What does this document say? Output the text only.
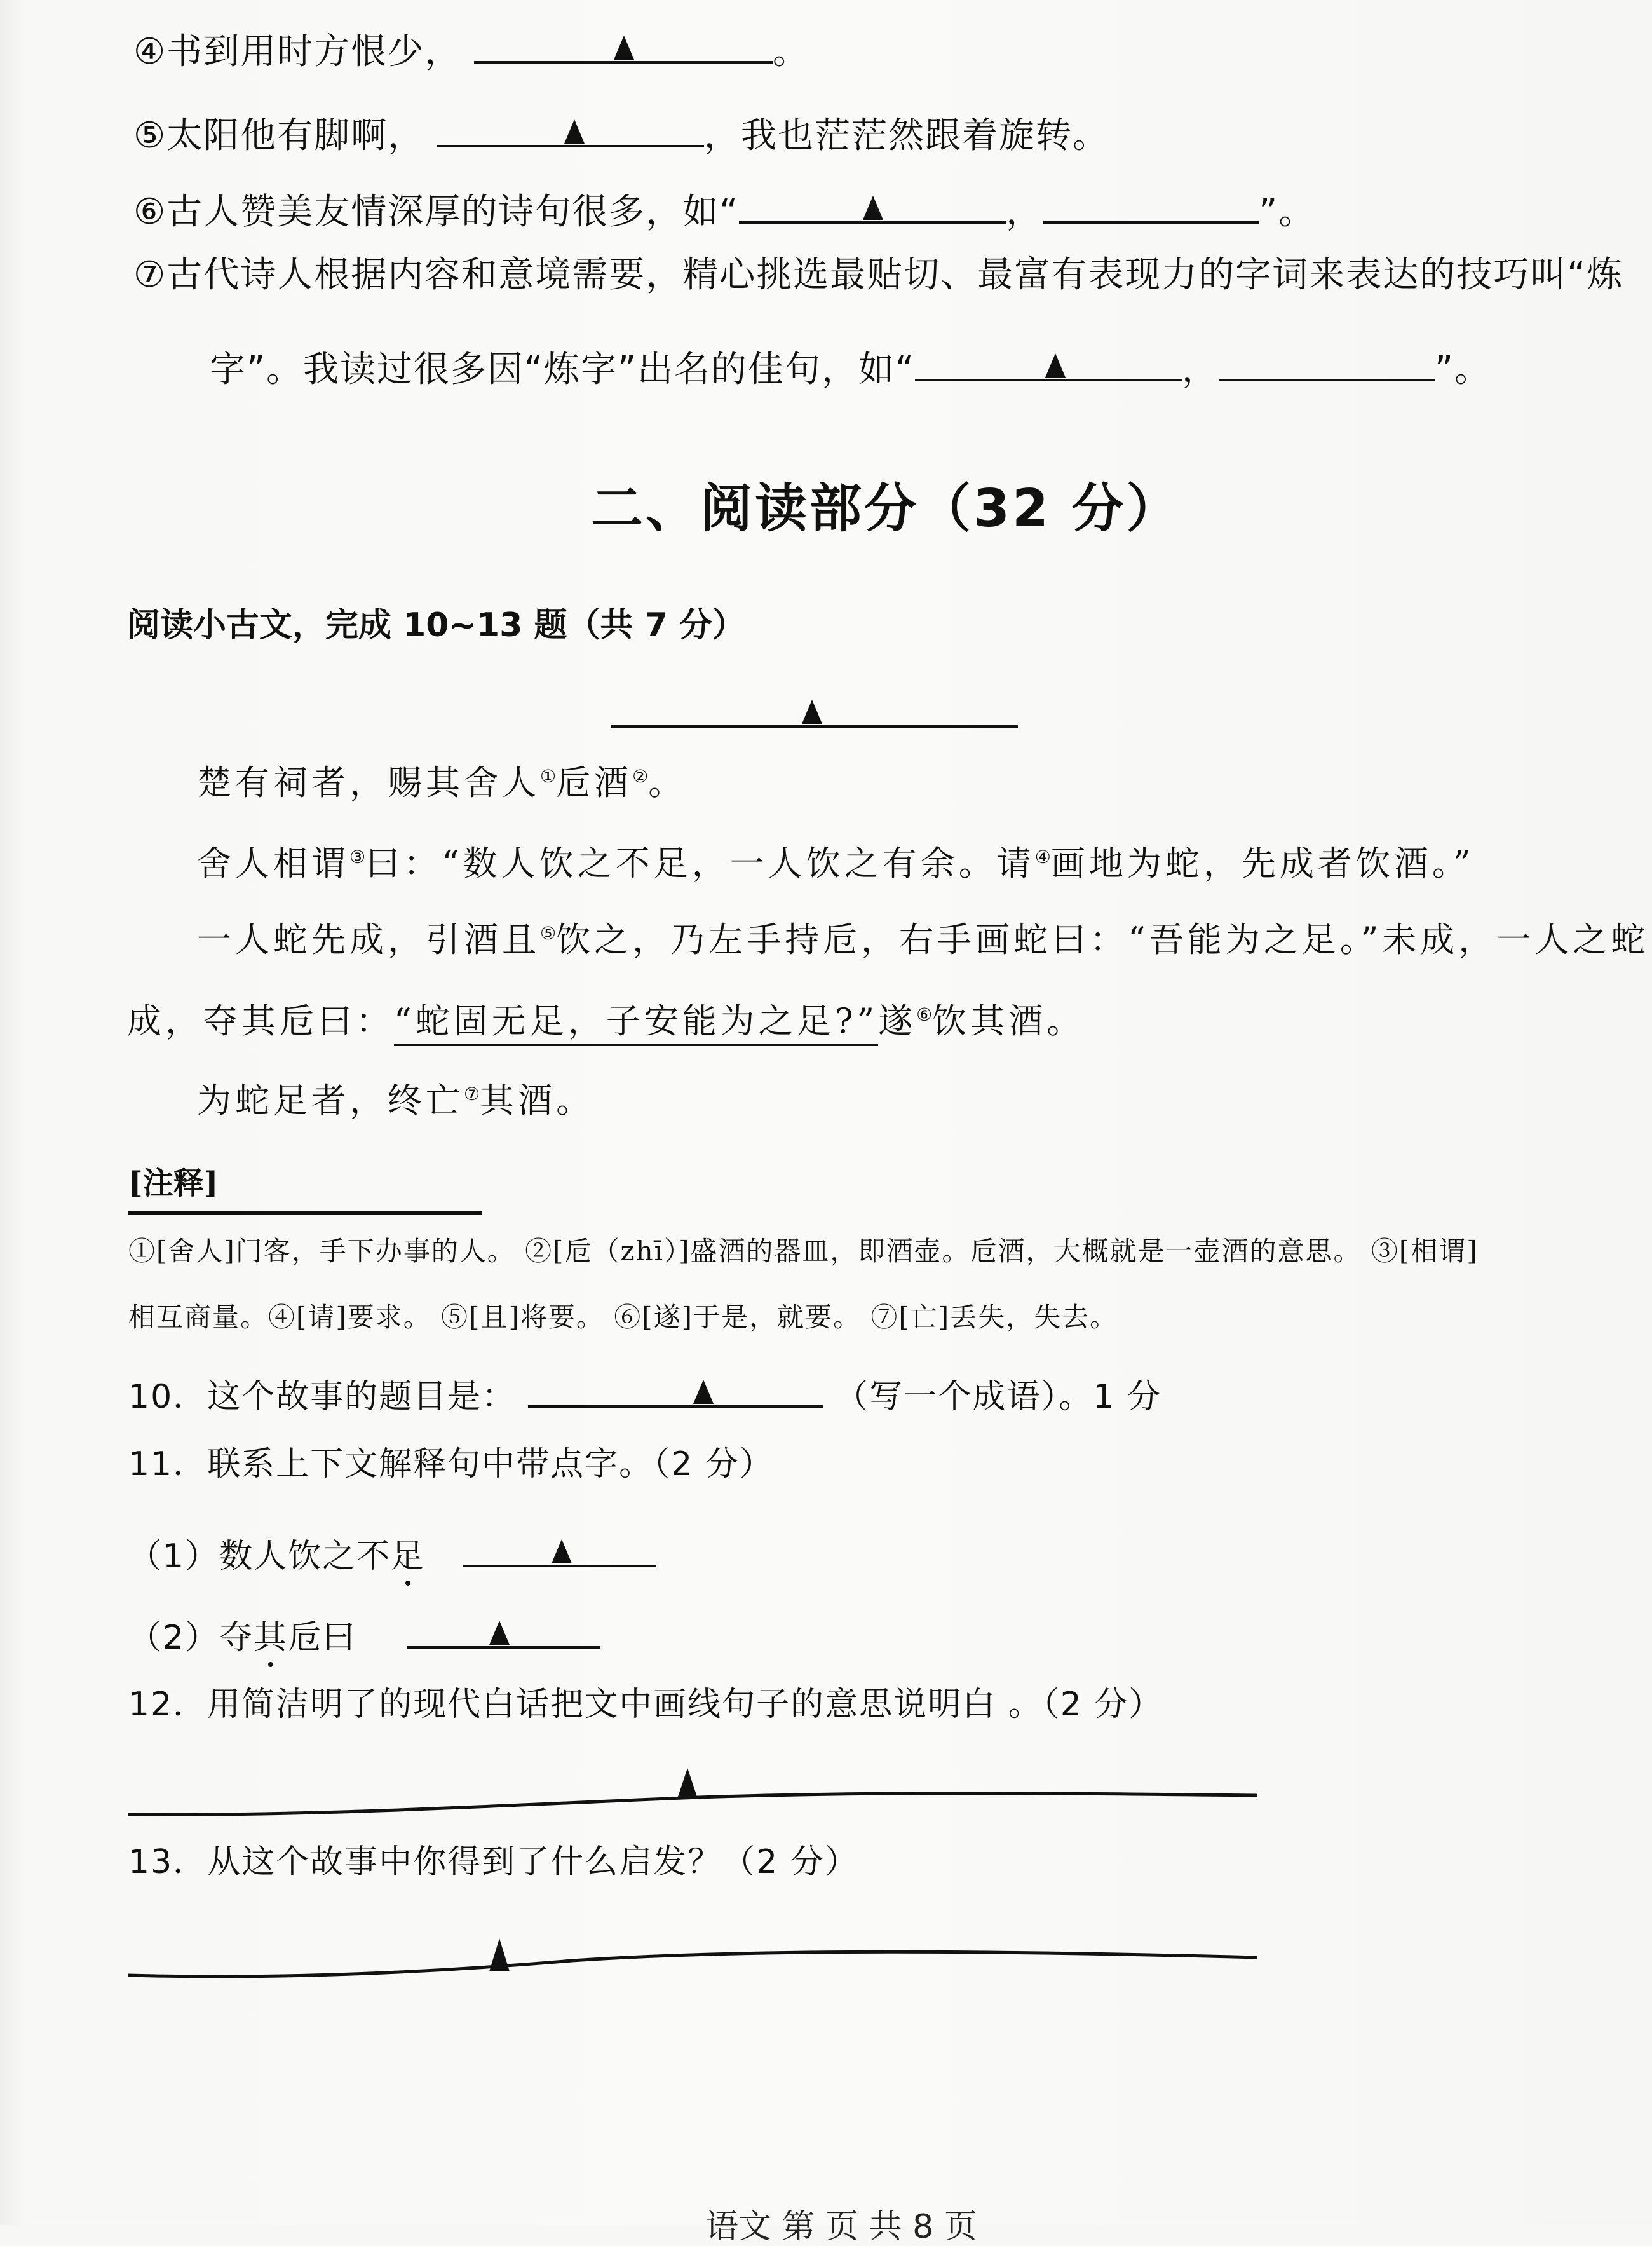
④书到用时方恨少，	。
⑤太阳他有脚啊，	，我也茫茫然跟着旋转。
⑥古人赞美友情深厚的诗句很多，如“	，	”。
⑦古代诗人根据内容和意境需要，精心挑选最贴切、最富有表现力的字词来表达的技巧叫“炼
字”。我读过很多因“炼字”出名的佳句，如“	，	”。
二、阅读部分（32 分）
阅读小古文，完成 10~13 题（共 7 分）
楚有祠者，赐其舍人①卮酒②。
舍人相谓③曰：“数人饮之不足，一人饮之有余。请④画地为蛇，先成者饮酒。”
一人蛇先成，引酒且⑤饮之，乃左手持卮，右手画蛇曰：“吾能为之足。”未成，一人之蛇
成，夺其卮曰：“蛇固无足，子安能为之足?”遂⑥饮其酒。
为蛇足者，终亡⑦其酒。
[注释]
①[舍人]门客，手下办事的人。 ②[卮（zhī）]盛酒的器皿，即酒壶。卮酒，大概就是一壶酒的意思。 ③[相谓]
相互商量。④[请]要求。 ⑤[且]将要。 ⑥[遂]于是，就要。 ⑦[亡]丢失，失去。
10．这个故事的题目是：	（写一个成语）。1 分
11．联系上下文解释句中带点字。（2 分）
（1）数人饮之不足
（2）夺其卮曰
12．用简洁明了的现代白话把文中画线句子的意思说明白 。（2 分）
13．从这个故事中你得到了什么启发？（2 分）
语文 第 页 共 8 页
